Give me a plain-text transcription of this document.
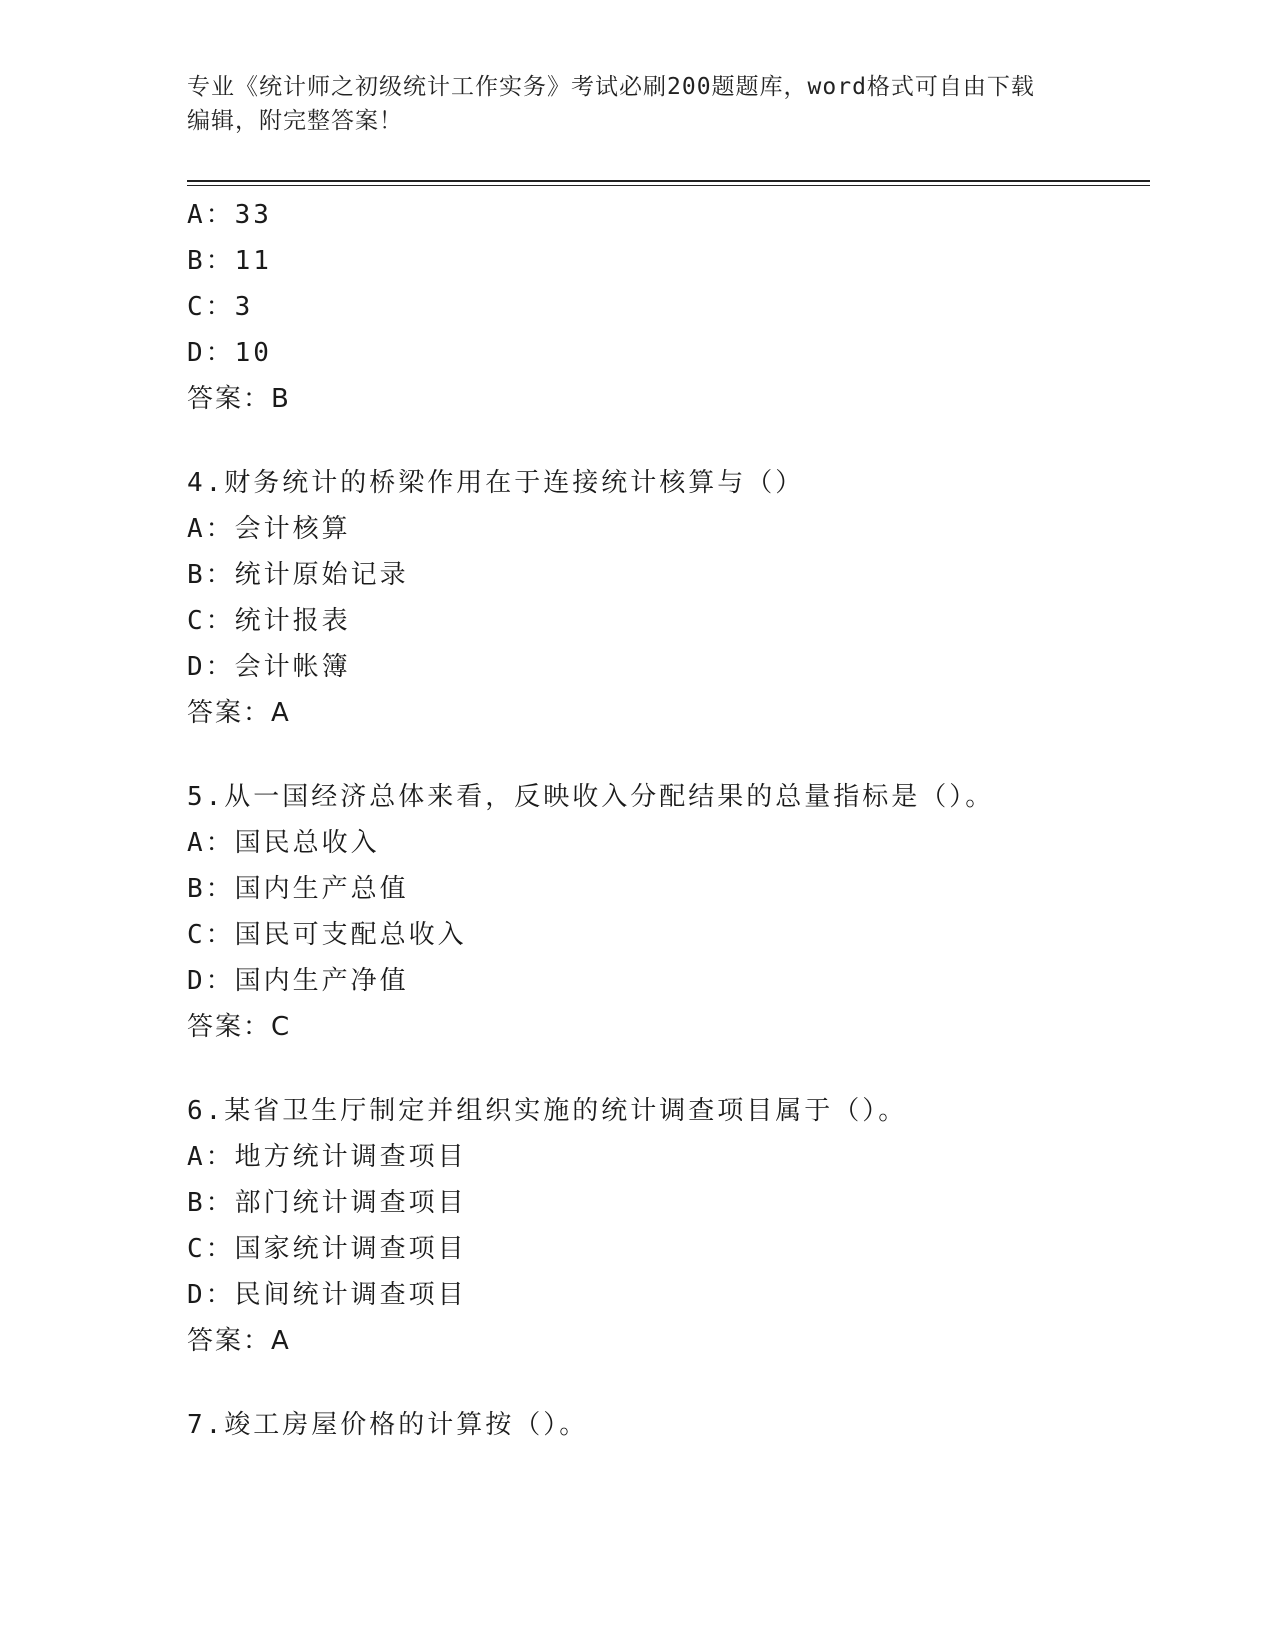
专业《统计师之初级统计工作实务》考试必刷200题题库，word格式可自由下载
编辑，附完整答案！
A：33
B：11
C：3
D：10
答案：B
4.财务统计的桥梁作用在于连接统计核算与（）
A：会计核算
B：统计原始记录
C：统计报表
D：会计帐簿
答案：A
5.从一国经济总体来看，反映收入分配结果的总量指标是（）。
A：国民总收入
B：国内生产总值
C：国民可支配总收入
D：国内生产净值
答案：C
6.某省卫生厅制定并组织实施的统计调查项目属于（）。
A：地方统计调查项目
B：部门统计调查项目
C：国家统计调查项目
D：民间统计调查项目
答案：A
7.竣工房屋价格的计算按（）。
